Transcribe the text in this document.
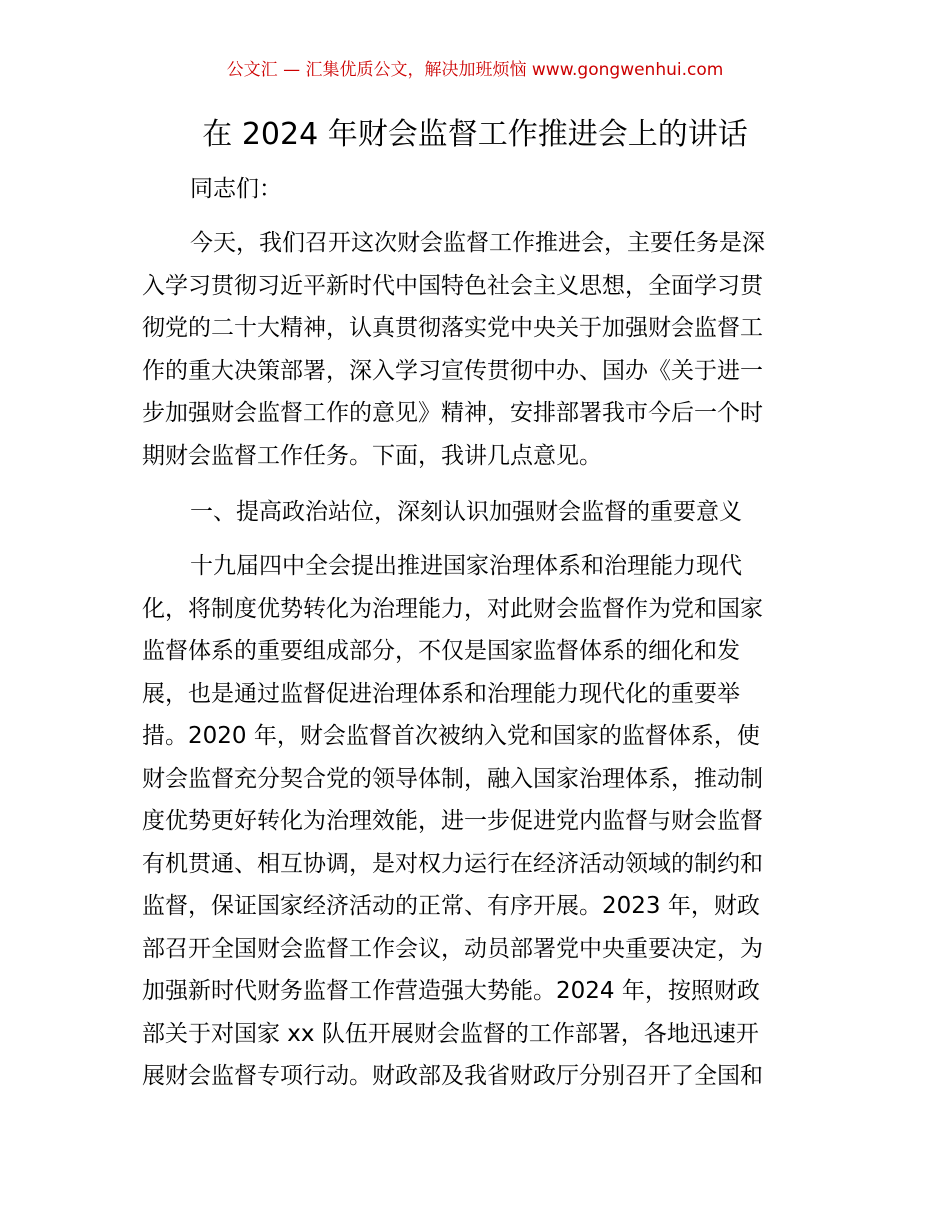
公文汇 — 汇集优质公文，解决加班烦恼 www.gongwenhui.com
在 2024 年财会监督工作推进会上的讲话
同志们：
今天，我们召开这次财会监督工作推进会，主要任务是深
入学习贯彻习近平新时代中国特色社会主义思想，全面学习贯
彻党的二十大精神，认真贯彻落实党中央关于加强财会监督工
作的重大决策部署，深入学习宣传贯彻中办、国办《关于进一
步加强财会监督工作的意见》精神，安排部署我市今后一个时
期财会监督工作任务。下面，我讲几点意见。
一、提高政治站位，深刻认识加强财会监督的重要意义
十九届四中全会提出推进国家治理体系和治理能力现代
化，将制度优势转化为治理能力，对此财会监督作为党和国家
监督体系的重要组成部分，不仅是国家监督体系的细化和发
展，也是通过监督促进治理体系和治理能力现代化的重要举
措。2020 年，财会监督首次被纳入党和国家的监督体系，使
财会监督充分契合党的领导体制，融入国家治理体系，推动制
度优势更好转化为治理效能，进一步促进党内监督与财会监督
有机贯通、相互协调，是对权力运行在经济活动领域的制约和
监督，保证国家经济活动的正常、有序开展。2023 年，财政
部召开全国财会监督工作会议，动员部署党中央重要决定，为
加强新时代财务监督工作营造强大势能。2024 年，按照财政
部关于对国家 xx 队伍开展财会监督的工作部署，各地迅速开
展财会监督专项行动。财政部及我省财政厅分别召开了全国和
